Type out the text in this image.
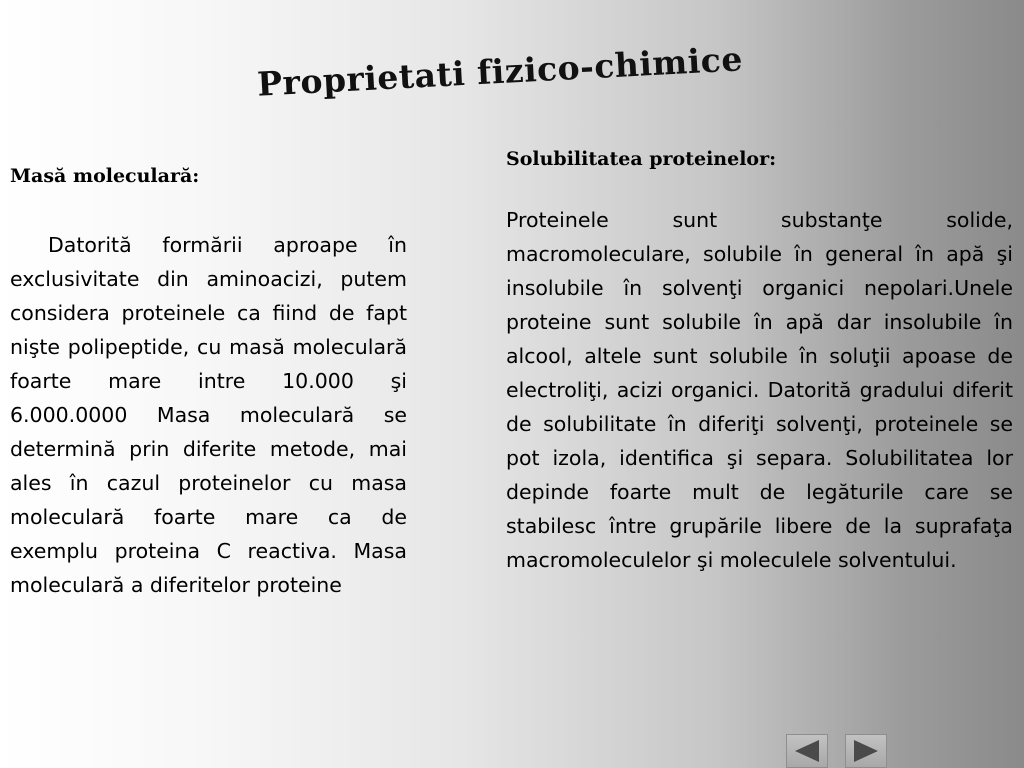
Proprietati fizico-chimice
Masă moleculară:

Datorită formării aproape în exclusivitate din aminoacizi, putem considera proteinele ca fiind de fapt nişte polipeptide, cu masă moleculară foarte mare intre 10.000 şi 6.000.0000 Masa moleculară se determină prin diferite metode, mai ales în cazul proteinelor cu masa moleculară foarte mare ca de exemplu proteina C reactiva. Masa moleculară a diferitelor proteine

Solubilitatea proteinelor:

Proteinele sunt substanţe solide, macromoleculare, solubile în general în apă şi insolubile în solvenţi organici nepolari.Unele proteine sunt solubile în apă dar insolubile în alcool, altele sunt solubile în soluţii apoase de electroliţi, acizi organici. Datorită gradului diferit de solubilitate în diferiţi solvenţi, proteinele se pot izola, identifica şi separa. Solubilitatea lor depinde foarte mult de legăturile care se stabilesc între grupările libere de la suprafaţa macromoleculelor şi moleculele solventului.
